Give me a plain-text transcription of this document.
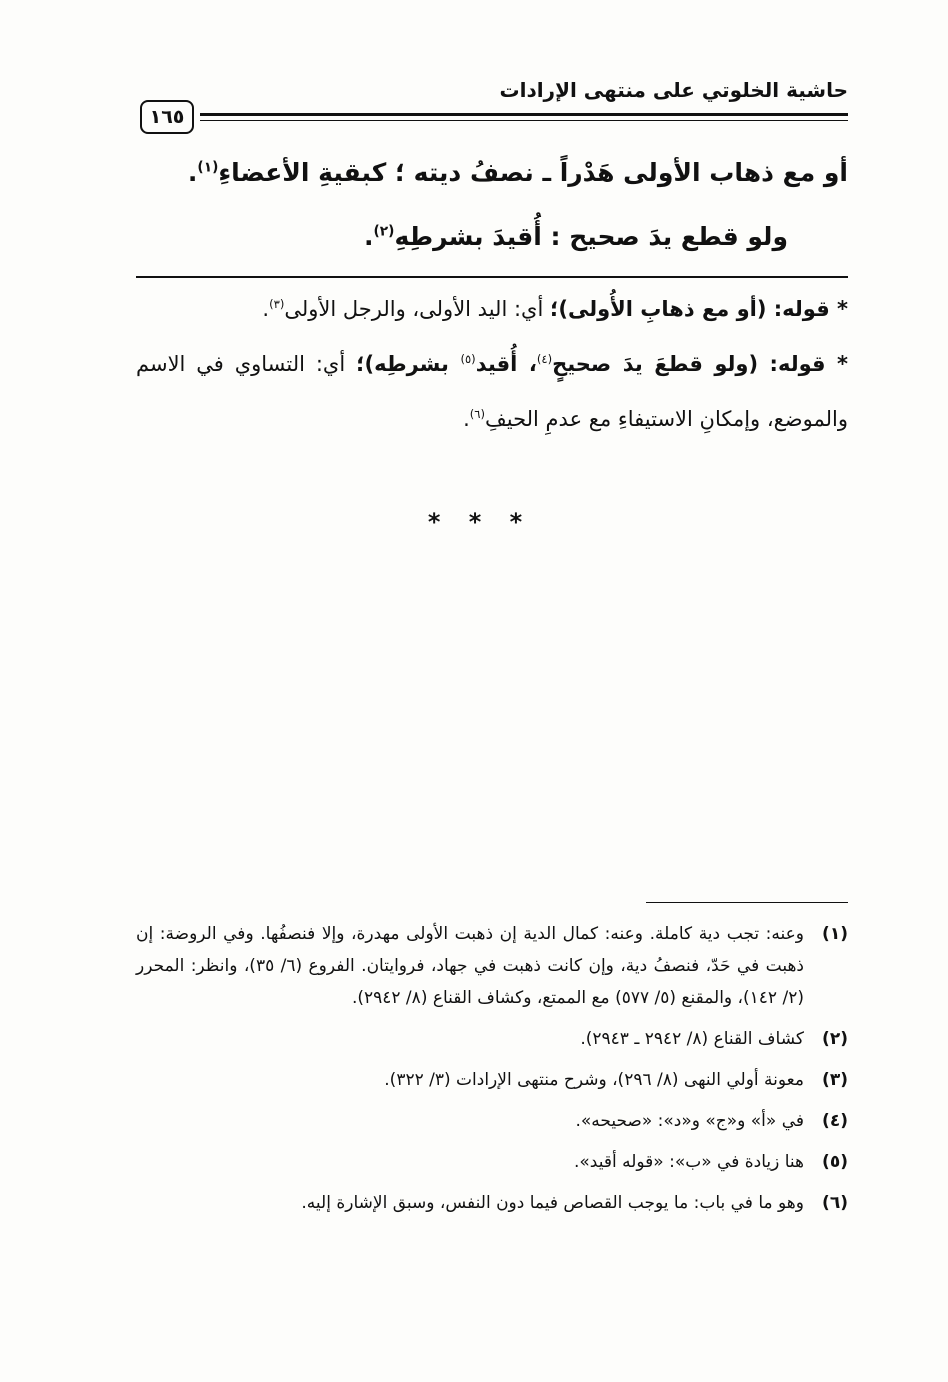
حاشية الخلوتي على منتهى الإرادات
١٦٥
أو مع ذهاب الأولى هَدْراً ـ نصفُ ديته ؛ كبقيةِ الأعضاءِ$^{(١)}$.
ولو قطع يدَ صحيح : أُقيدَ بشرطِهِ$^{(٢)}$.
* قوله: (أو مع ذهابِ الأُولى)؛ أي: اليد الأولى، والرجل الأولى$^{(٣)}$.
* قوله: (ولو قطعَ يدَ صحيحٍ$^{(٤)}$، أُقيد$^{(٥)}$ بشرطِه)؛ أي: التساوي في الاسم والموضع، وإمكانِ الاستيفاءِ مع عدمِ الحيفِ$^{(٦)}$.
* * *
(١)
وعنه: تجب دية كاملة. وعنه: كمال الدية إن ذهبت الأولى مهدرة، وإلا فنصفُها. وفي الروضة: إن ذهبت في حَدّ، فنصفُ دية، وإن كانت ذهبت في جهاد، فروايتان. الفروع (٦/ ٣٥)، وانظر: المحرر (٢/ ١٤٢)، والمقنع (٥/ ٥٧٧) مع الممتع، وكشاف القناع (٨/ ٢٩٤٢).
(٢)
كشاف القناع (٨/ ٢٩٤٢ ـ ٢٩٤٣).
(٣)
معونة أولي النهى (٨/ ٢٩٦)، وشرح منتهى الإرادات (٣/ ٣٢٢).
(٤)
في «أ» و«ج» و«د»: «صحيحه».
(٥)
هنا زيادة في «ب»: «قوله أقيد».
(٦)
وهو ما في باب: ما يوجب القصاص فيما دون النفس، وسبق الإشارة إليه.
